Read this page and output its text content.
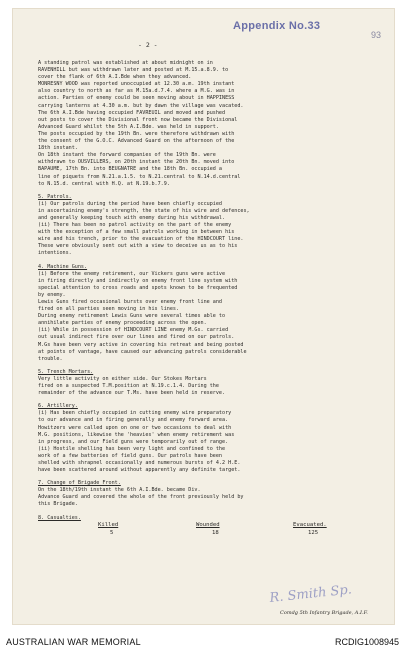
Appendix No.33
93
- 2 -
A standing patrol was established at about midnight on in
RAVENHILL but was withdrawn later and posted at M.15.a.8.9. to
cover the flank of 6th A.I.Bde when they advanced.
MONRESNY WOOD was reported unoccupied at 12.30 a.m. 19th instant
also country to north as far as M.15a.d.7.4. where a M.G. was in
action. Parties of enemy could be seen moving about in HAPPINESS
carrying lanterns at 4.30 a.m. but by dawn the village was vacated.
The 6th A.I.Bde having occupied FAVREUIL and moved and pushed
out posts to cover the Divisional front now became the Divisional
Advanced Guard whilst the 5th A.I.Bde. was held in support.
The posts occupied by the 19th Bn. were therefore withdrawn with
the consent of the G.O.C. Advanced Guard on the afternoon of the
18th instant.
On 18th instant the forward companies of the 19th Bn. were
withdrawn to OUSVILLERS, on 20th instant the 20th Bn. moved into
BAPAUME, 17th Bn. into BEUGNATRE and the 18th Bn. occupied a
line of piquets from N.21.a.1.5. to N.21.central to N.14.d.central
to N.15.d. central with H.Q. at N.19.b.7.9.
5. Patrols.
(i) Our patrols during the period have been chiefly occupied
in ascertaining enemy's strength, the state of his wire and defences,
and generally keeping touch with enemy during his withdrawal.
(ii) There has been no patrol activity on the part of the enemy
with the exception of a few small patrols working in between his
wire and his trench, prior to the evacuation of the HINDCOURT line.
These were obviously sent out with a view to deceive us as to his
intentions.
4. Machine Guns.
(i) Before the enemy retirement, our Vickers guns were active
in firing directly and indirectly on enemy front line system with
special attention to cross roads and spots known to be frequented
by enemy.
Lewis Guns fired occasional bursts over enemy front line and
fired on all parties seen moving in his lines.
During enemy retirement Lewis Guns were several times able to
annihilate parties of enemy proceeding across the open.
(ii) While in possession of HINDCOURT LINE enemy M.Gs. carried
out usual indirect fire over our lines and fired on our patrols.
M.Gs have been very active in covering his retreat and being posted
at points of vantage, have caused our advancing patrols considerable
trouble.
5. Trench Mortars.
Very little activity on either side. Our Stokes Mortars
fired on a suspected T.M.position at N.19.c.1.4. During the
remainder of the advance our T.Ms. have been held in reserve.
6. Artillery.
(i) Has been chiefly occupied in cutting enemy wire preparatory
to our advance and in firing generally and enemy forward area.
Howitzers were called upon on one or two occasions to deal with
M.G. positions, likewise the 'heavies' when enemy retirement was
in progress, and our Field guns were temporarily out of range.
(ii) Hostile shelling has been very light and confined to the
work of a few batteries of field guns. Our patrols have been
shelled with shrapnel occasionally and numerous bursts of 4.2 H.E.
have been scattered around without apparently any definite target.
7. Change of Brigade Front.
On the 18th/19th instant the 6th A.I.Bde. became Div.
Advance Guard and covered the whole of the front previously held by
this Brigade.
8. Casualties.
Killed	Wounded	Evacuated.
5	18	125
R. Smith Sp.
Comdg 5th Infantry Brigade, A.I.F.
AUSTRALIAN WAR MEMORIAL	RCDIG1008945
